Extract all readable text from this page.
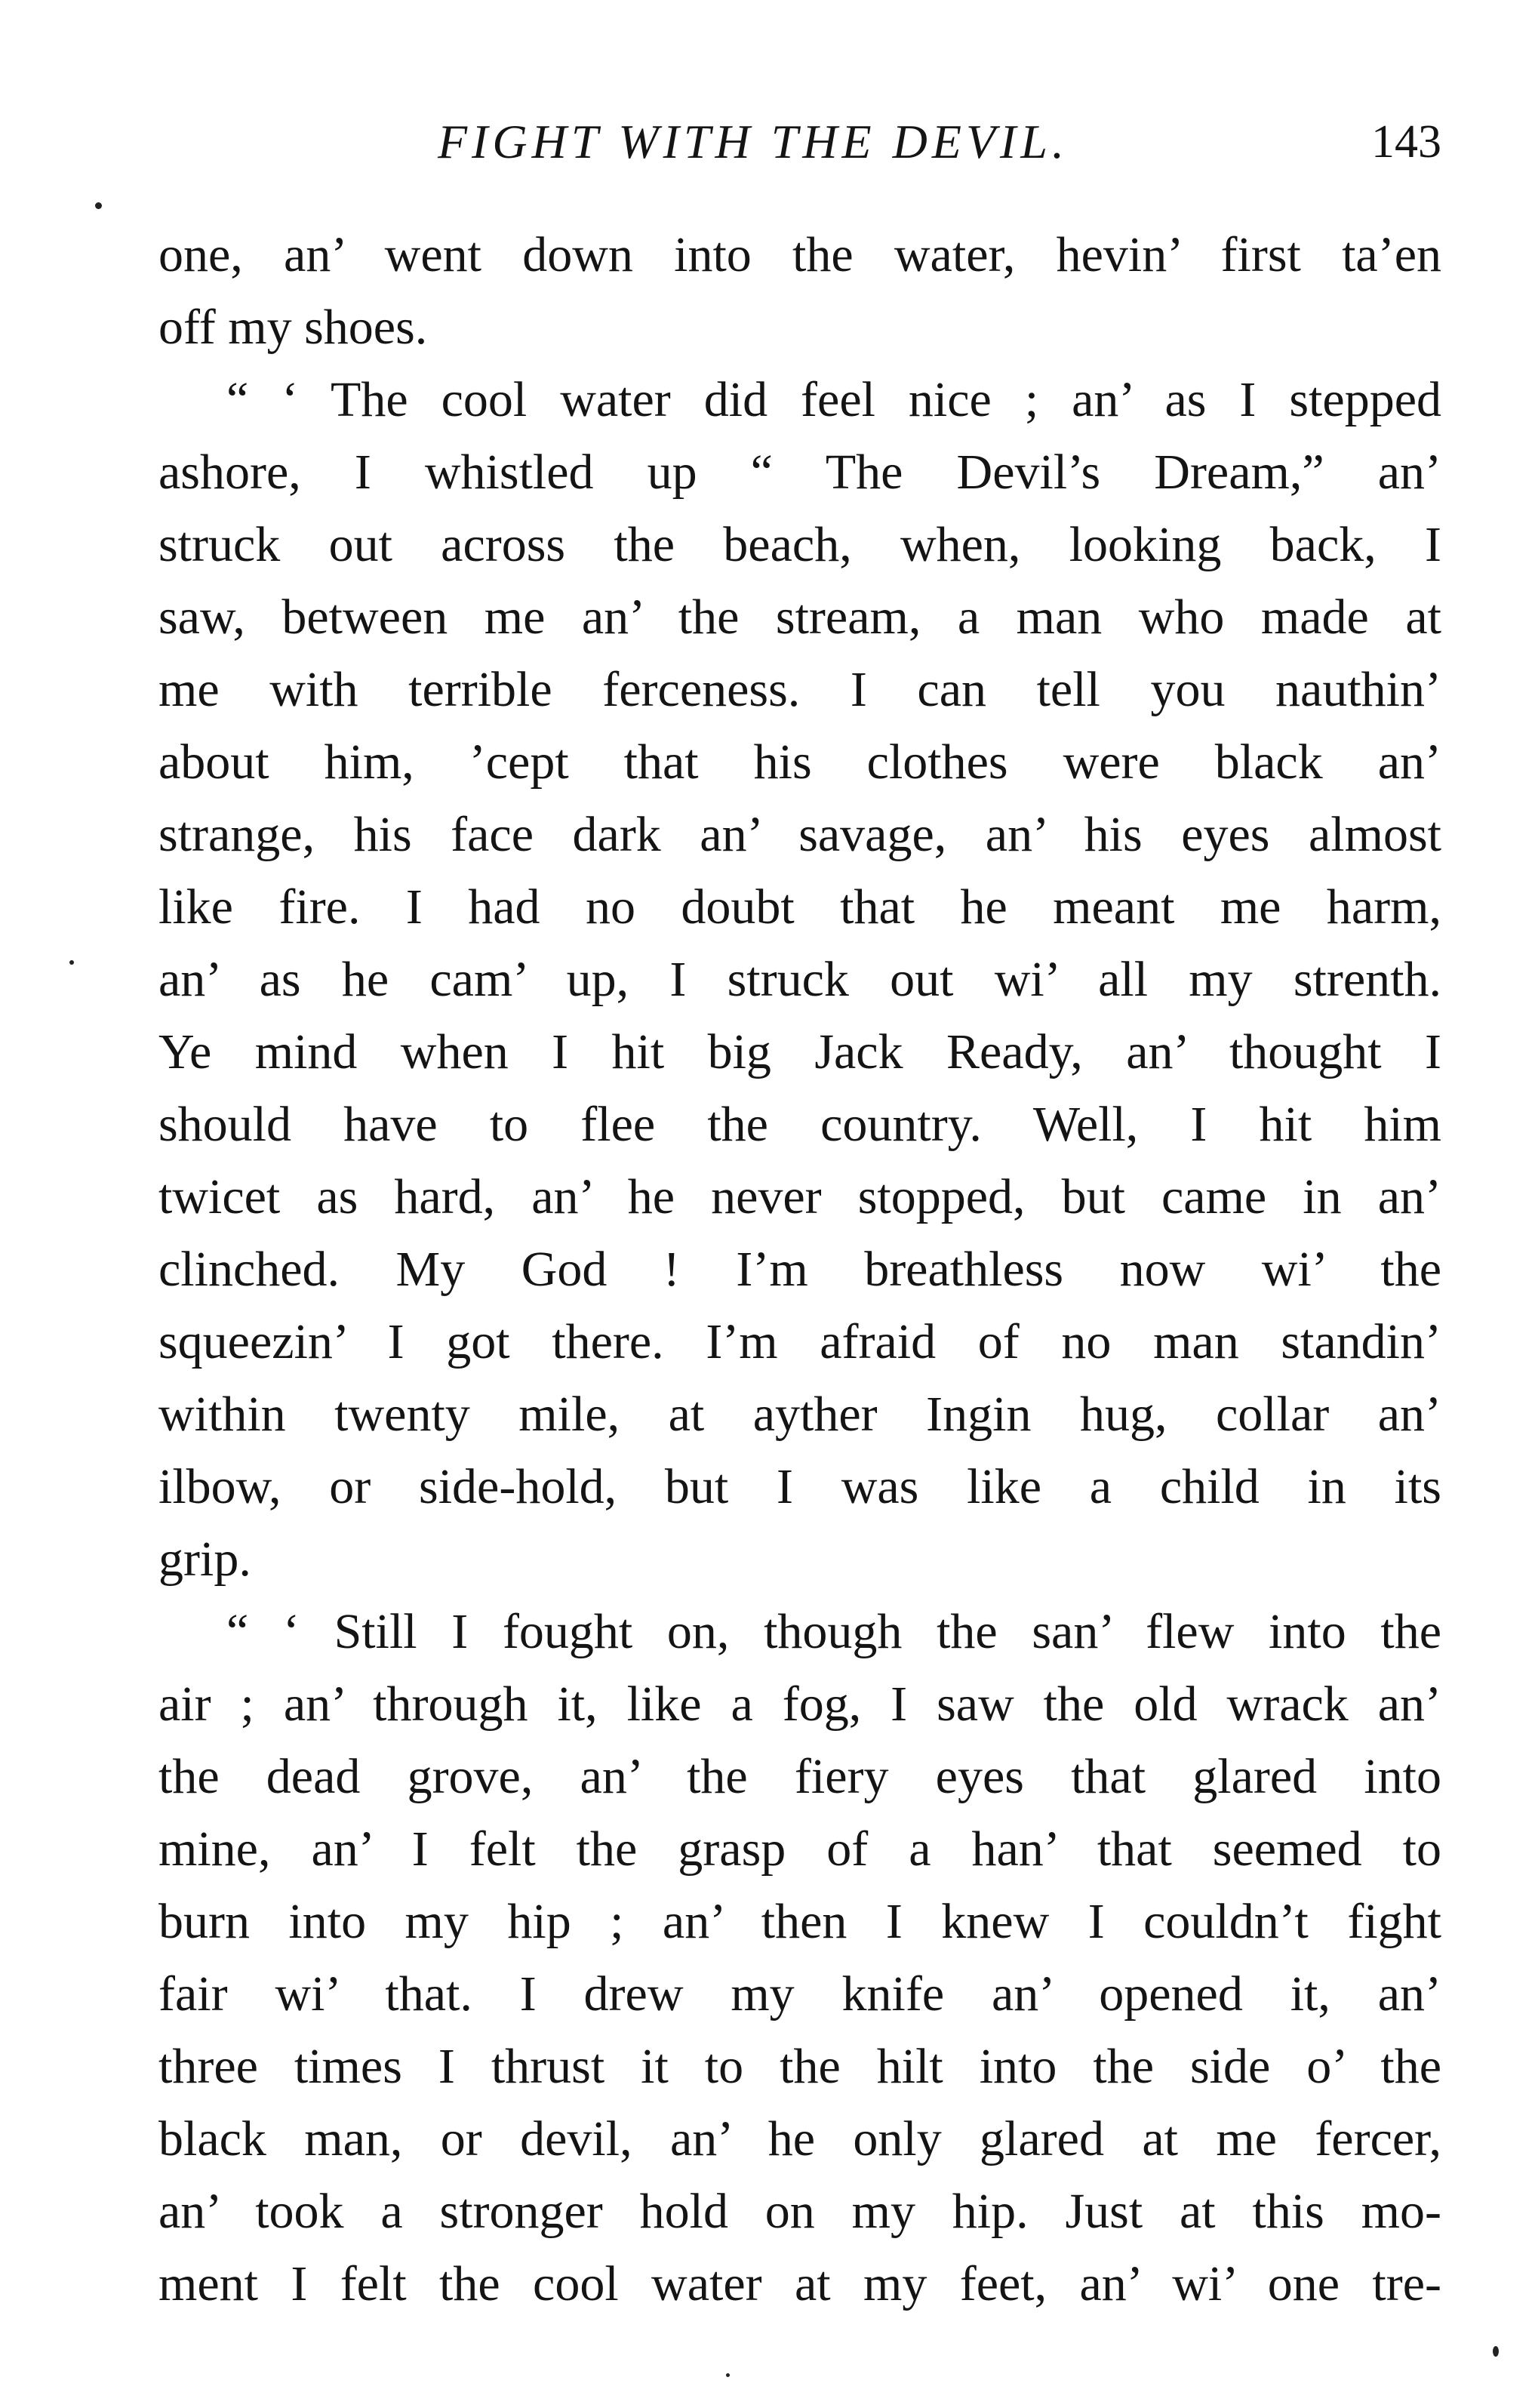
FIGHT WITH THE DEVIL.	143
one, an’ went down into the water, hevin’ first ta’en
off my shoes.
“ ‘ The cool water did feel nice ; an’ as I stepped
ashore, I whistled up “ The Devil’s Dream,” an’
struck out across the beach, when, looking back, I
saw, between me an’ the stream, a man who made at
me with terrible ferceness. I can tell you nauthin’
about him, ’cept that his clothes were black an’
strange, his face dark an’ savage, an’ his eyes almost
like fire. I had no doubt that he meant me harm,
an’ as he cam’ up, I struck out wi’ all my strenth.
Ye mind when I hit big Jack Ready, an’ thought I
should have to flee the country. Well, I hit him
twicet as hard, an’ he never stopped, but came in an’
clinched. My God ! I’m breathless now wi’ the
squeezin’ I got there. I’m afraid of no man standin’
within twenty mile, at ayther Ingin hug, collar an’
ilbow, or side-hold, but I was like a child in its
grip.
“ ‘ Still I fought on, though the san’ flew into the
air ; an’ through it, like a fog, I saw the old wrack an’
the dead grove, an’ the fiery eyes that glared into
mine, an’ I felt the grasp of a han’ that seemed to
burn into my hip ; an’ then I knew I couldn’t fight
fair wi’ that. I drew my knife an’ opened it, an’
three times I thrust it to the hilt into the side o’ the
black man, or devil, an’ he only glared at me fercer,
an’ took a stronger hold on my hip. Just at this mo-
ment I felt the cool water at my feet, an’ wi’ one tre-
